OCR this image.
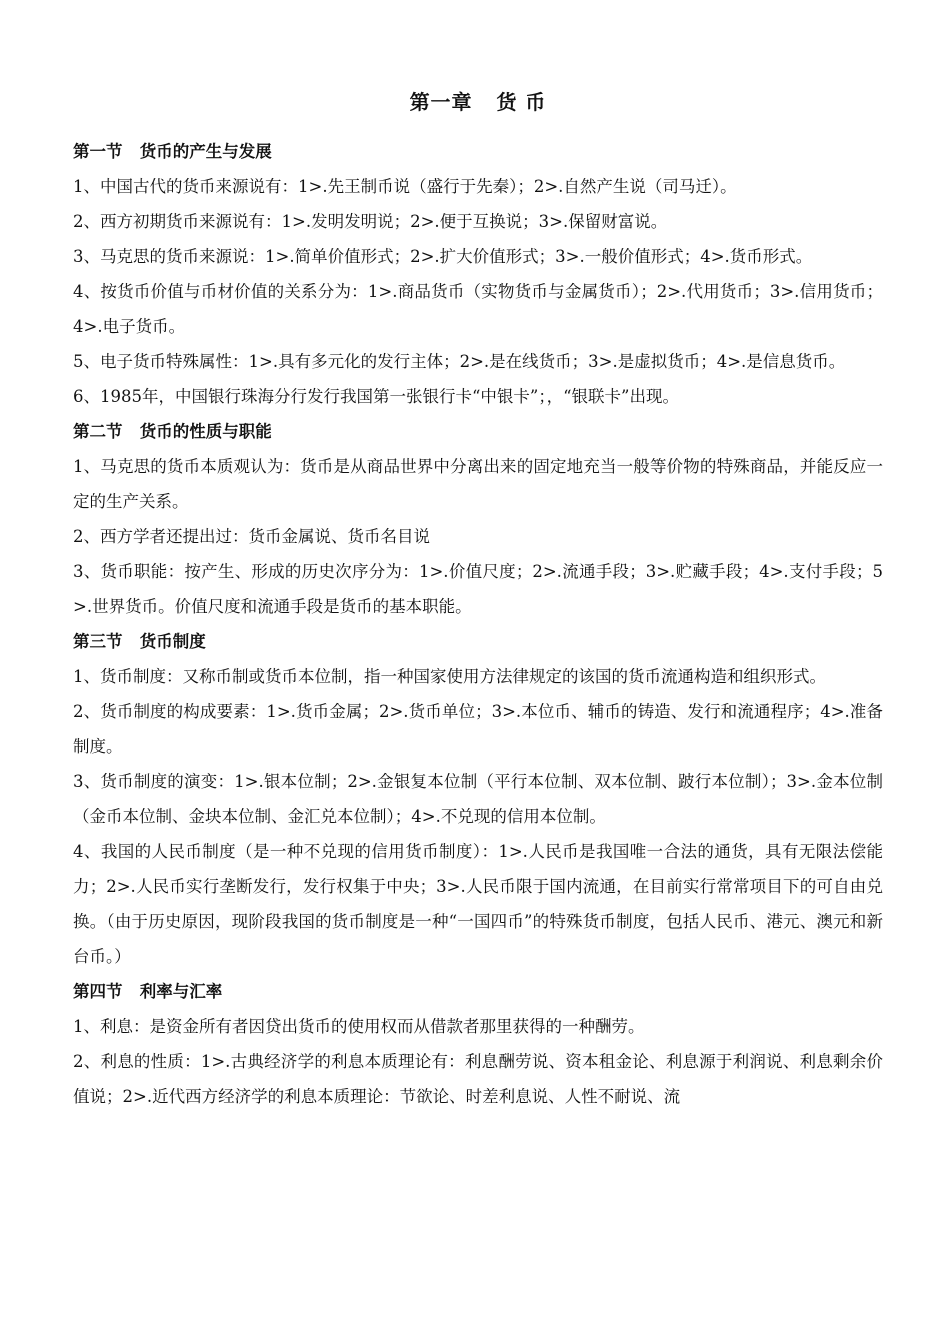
第一章   货 币
第一节   货币的产生与发展

1、中国古代的货币来源说有：1>.先王制币说（盛行于先秦）；2>.自然产生说（司马迁）。

2、西方初期货币来源说有：1>.发明发明说；2>.便于互换说；3>.保留财富说。

3、马克思的货币来源说：1>.简单价值形式；2>.扩大价值形式；3>.一般价值形式；4>.货币形式。

4、按货币价值与币材价值的关系分为：1>.商品货币（实物货币与金属货币）；2>.代用货币；3>.信用货币；4>.电子货币。

5、电子货币特殊属性：1>.具有多元化的发行主体；2>.是在线货币；3>.是虚拟货币；4>.是信息货币。

6、1985年，中国银行珠海分行发行我国第一张银行卡“中银卡”；，“银联卡”出现。

第二节   货币的性质与职能

1、马克思的货币本质观认为：货币是从商品世界中分离出来的固定地充当一般等价物的特殊商品，并能反应一定的生产关系。

2、西方学者还提出过：货币金属说、货币名目说

3、货币职能：按产生、形成的历史次序分为：1>.价值尺度；2>.流通手段；3>.贮藏手段；4>.支付手段；5>.世界货币。价值尺度和流通手段是货币的基本职能。

第三节   货币制度

1、货币制度：又称币制或货币本位制，指一种国家使用方法律规定的该国的货币流通构造和组织形式。

2、货币制度的构成要素：1>.货币金属；2>.货币单位；3>.本位币、辅币的铸造、发行和流通程序；4>.准备制度。

3、货币制度的演变：1>.银本位制；2>.金银复本位制（平行本位制、双本位制、跛行本位制）；3>.金本位制（金币本位制、金块本位制、金汇兑本位制）；4>.不兑现的信用本位制。

4、我国的人民币制度（是一种不兑现的信用货币制度）：1>.人民币是我国唯一合法的通货，具有无限法偿能力；2>.人民币实行垄断发行，发行权集于中央；3>.人民币限于国内流通，在目前实行常常项目下的可自由兑换。（由于历史原因，现阶段我国的货币制度是一种“一国四币”的特殊货币制度，包括人民币、港元、澳元和新台币。）

第四节   利率与汇率

1、利息：是资金所有者因贷出货币的使用权而从借款者那里获得的一种酬劳。

2、利息的性质：1>.古典经济学的利息本质理论有：利息酬劳说、资本租金论、利息源于利润说、利息剩余价值说；2>.近代西方经济学的利息本质理论：节欲论、时差利息说、人性不耐说、流
